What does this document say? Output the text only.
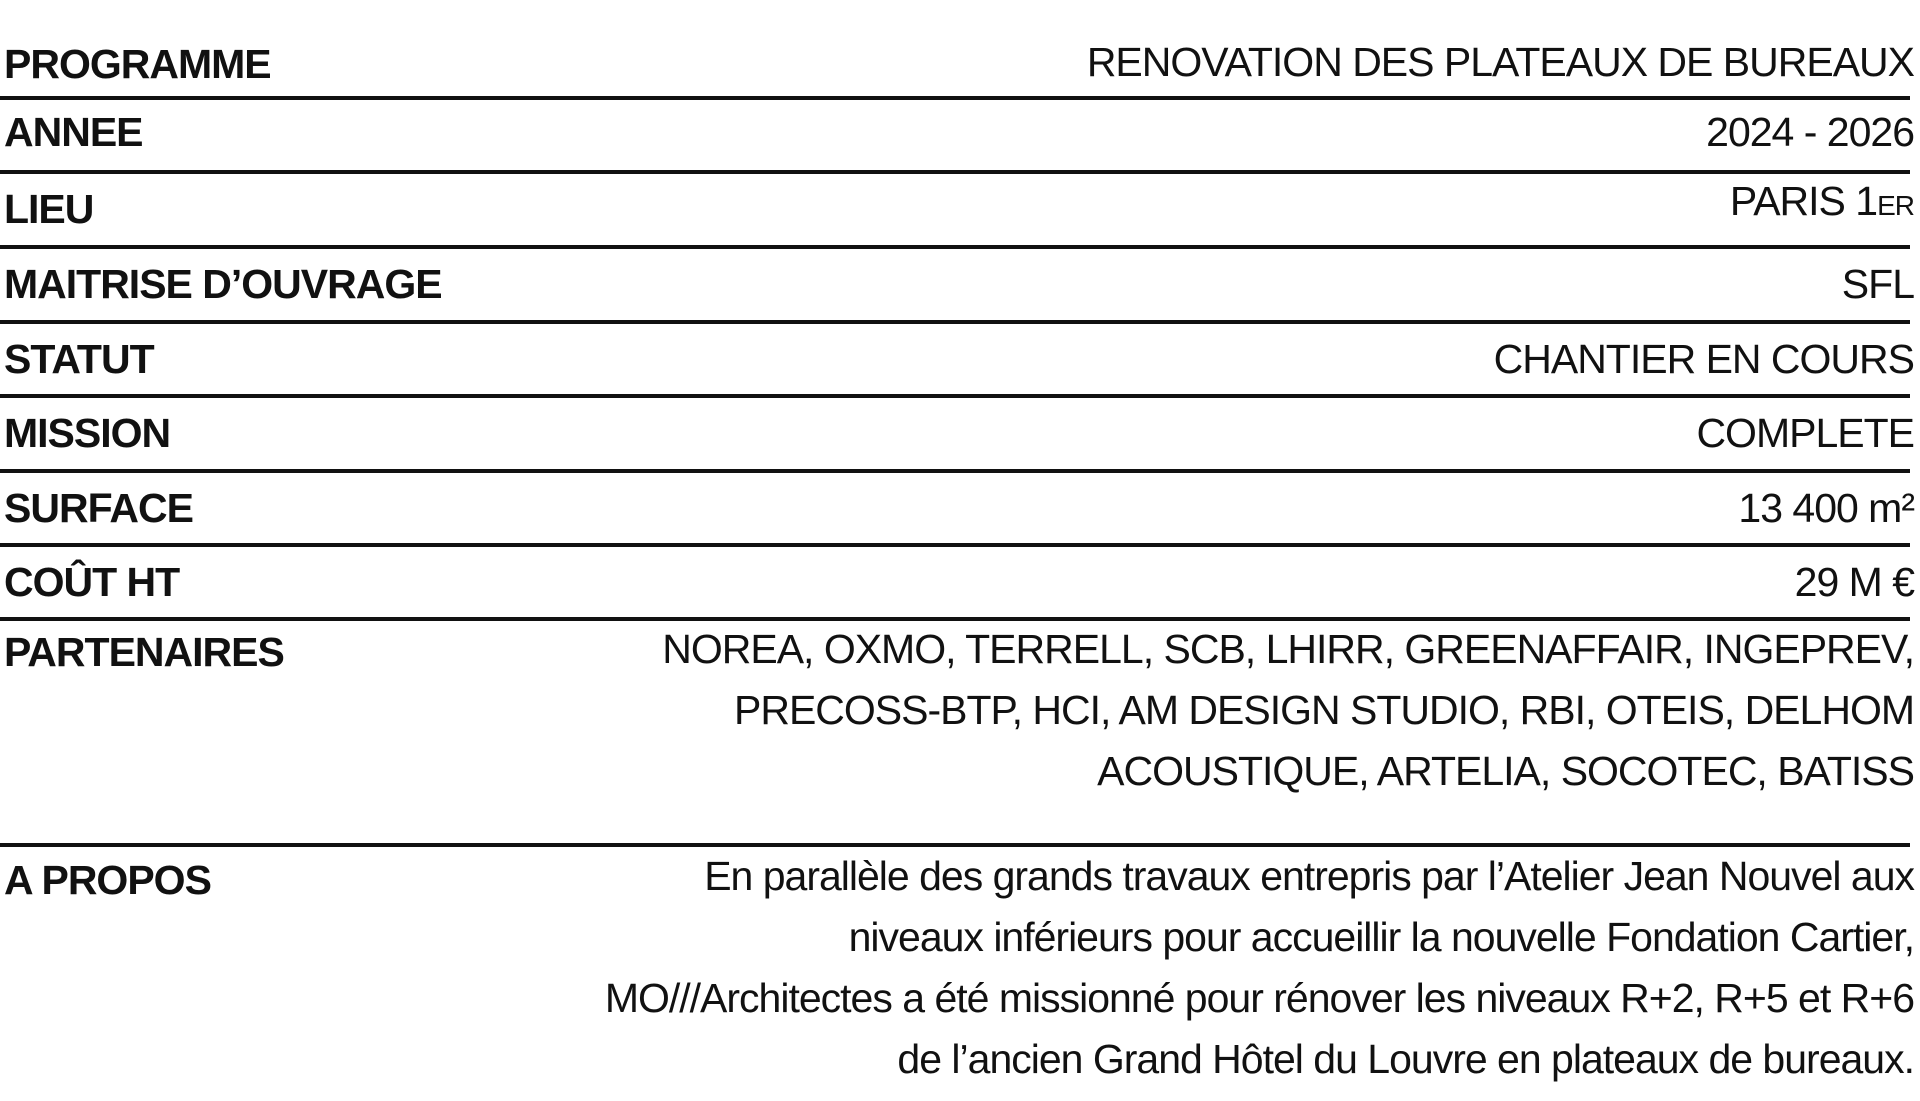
PROGRAMME	RENOVATION DES PLATEAUX DE BUREAUX
ANNEE	2024 - 2026
LIEU	PARIS 1ER
MAITRISE D’OUVRAGE	SFL
STATUT	CHANTIER EN COURS
MISSION	COMPLETE
SURFACE	13 400 m²
COÛT HT	29 M €
PARTENAIRES	NOREA, OXMO, TERRELL, SCB, LHIRR, GREENAFFAIR, INGEPREV,
PRECOSS-BTP, HCI, AM DESIGN STUDIO, RBI, OTEIS, DELHOM
ACOUSTIQUE, ARTELIA, SOCOTEC, BATISS
A PROPOS	En parallèle des grands travaux entrepris par l’Atelier Jean Nouvel aux
niveaux inférieurs pour accueillir la nouvelle Fondation Cartier,
MO///Architectes a été missionné pour rénover les niveaux R+2, R+5 et R+6
de l’ancien Grand Hôtel du Louvre en plateaux de bureaux.
